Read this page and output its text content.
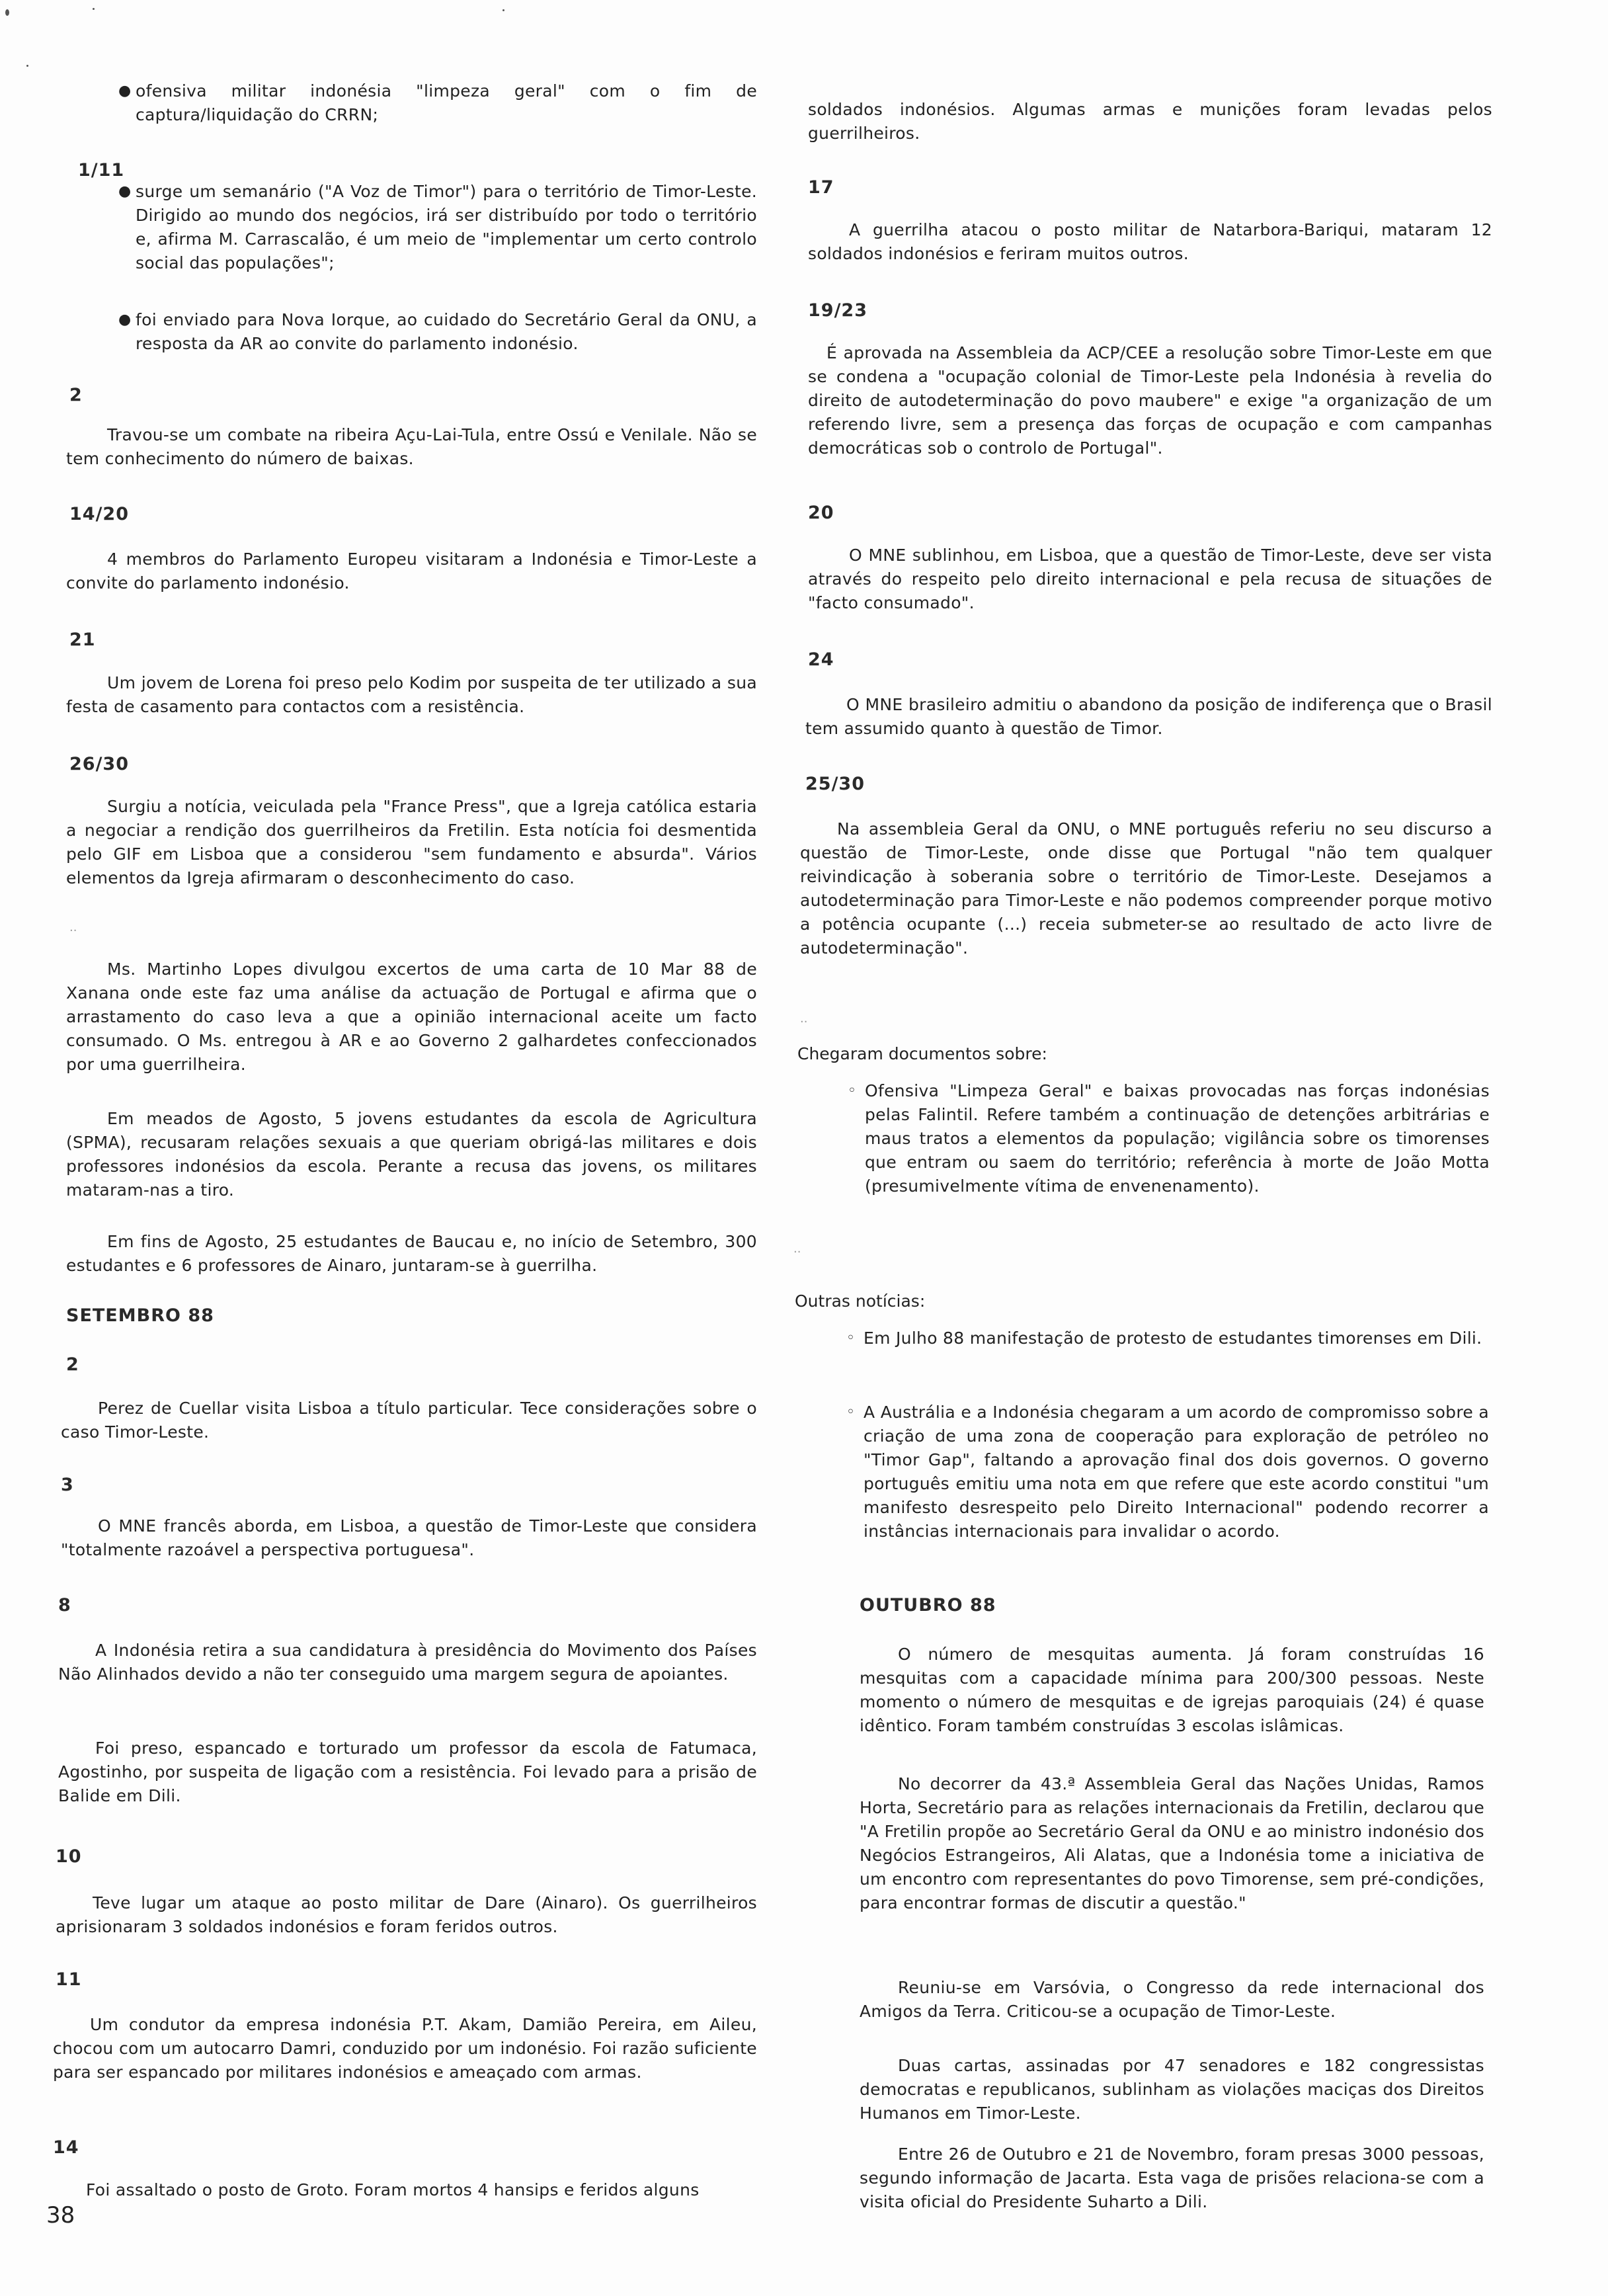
● ofensiva militar indonésia "limpeza geral" com o fim de captura/liquidação do CRRN;
1/11
● surge um semanário ("A Voz de Timor") para o território de Timor-Leste. Dirigido ao mundo dos negócios, irá ser distribuído por todo o território e, afirma M. Carrascalão, é um meio de "implementar um certo controlo social das populações";
● foi enviado para Nova Iorque, ao cuidado do Secretário Geral da ONU, a resposta da AR ao convite do parlamento indonésio.
2
Travou-se um combate na ribeira Açu-Lai-Tula, entre Ossú e Venilale. Não se tem conhecimento do número de baixas.
14/20
4 membros do Parlamento Europeu visitaram a Indonésia e Timor-Leste a convite do parlamento indonésio.
21
Um jovem de Lorena foi preso pelo Kodim por suspeita de ter utilizado a sua festa de casamento para contactos com a resistência.
26/30
Surgiu a notícia, veiculada pela "France Press", que a Igreja católica estaria a negociar a rendição dos guerrilheiros da Fretilin. Esta notícia foi desmentida pelo GIF em Lisboa que a considerou "sem fundamento e absurda". Vários elementos da Igreja afirmaram o desconhecimento do caso.
..
Ms. Martinho Lopes divulgou excertos de uma carta de 10 Mar 88 de Xanana onde este faz uma análise da actuação de Portugal e afirma que o arrastamento do caso leva a que a opinião internacional aceite um facto consumado. O Ms. entregou à AR e ao Governo 2 galhardetes confeccionados por uma guerrilheira.
Em meados de Agosto, 5 jovens estudantes da escola de Agricultura (SPMA), recusaram relações sexuais a que queriam obrigá-las militares e dois professores indonésios da escola. Perante a recusa das jovens, os militares mataram-nas a tiro.
Em fins de Agosto, 25 estudantes de Baucau e, no início de Setembro, 300 estudantes e 6 professores de Ainaro, juntaram-se à guerrilha.
SETEMBRO 88
2
Perez de Cuellar visita Lisboa a título particular. Tece considerações sobre o caso Timor-Leste.
3
O MNE francês aborda, em Lisboa, a questão de Timor-Leste que considera "totalmente razoável a perspectiva portuguesa".
8
A Indonésia retira a sua candidatura à presidência do Movimento dos Países Não Alinhados devido a não ter conseguido uma margem segura de apoiantes.
Foi preso, espancado e torturado um professor da escola de Fatumaca, Agostinho, por suspeita de ligação com a resistência. Foi levado para a prisão de Balide em Dili.
10
Teve lugar um ataque ao posto militar de Dare (Ainaro). Os guerrilheiros aprisionaram 3 soldados indonésios e foram feridos outros.
11
Um condutor da empresa indonésia P.T. Akam, Damião Pereira, em Aileu, chocou com um autocarro Damri, conduzido por um indonésio. Foi razão suficiente para ser espancado por militares indonésios e ameaçado com armas.
14
Foi assaltado o posto de Groto. Foram mortos 4 hansips e feridos alguns
38
soldados indonésios. Algumas armas e munições foram levadas pelos guerrilheiros.
17
A guerrilha atacou o posto militar de Natarbora-Bariqui, mataram 12 soldados indonésios e feriram muitos outros.
19/23
É aprovada na Assembleia da ACP/CEE a resolução sobre Timor-Leste em que se condena a "ocupação colonial de Timor-Leste pela Indonésia à revelia do direito de autodeterminação do povo maubere" e exige "a organização de um referendo livre, sem a presença das forças de ocupação e com campanhas democráticas sob o controlo de Portugal".
20
O MNE sublinhou, em Lisboa, que a questão de Timor-Leste, deve ser vista através do respeito pelo direito internacional e pela recusa de situações de "facto consumado".
24
O MNE brasileiro admitiu o abandono da posição de indiferença que o Brasil tem assumido quanto à questão de Timor.
25/30
Na assembleia Geral da ONU, o MNE português referiu no seu discurso a questão de Timor-Leste, onde disse que Portugal "não tem qualquer reivindicação à soberania sobre o território de Timor-Leste. Desejamos a autodeterminação para Timor-Leste e não podemos compreender porque motivo a potência ocupante (...) receia submeter-se ao resultado de acto livre de autodeterminação".
..
Chegaram documentos sobre:
◦ Ofensiva "Limpeza Geral" e baixas provocadas nas forças indonésias pelas Falintil. Refere também a continuação de detenções arbitrárias e maus tratos a elementos da população; vigilância sobre os timorenses que entram ou saem do território; referência à morte de João Motta (presumivelmente vítima de envenenamento).
..
Outras notícias:
◦ Em Julho 88 manifestação de protesto de estudantes timorenses em Dili.
◦ A Austrália e a Indonésia chegaram a um acordo de compromisso sobre a criação de uma zona de cooperação para exploração de petróleo no "Timor Gap", faltando a aprovação final dos dois governos. O governo português emitiu uma nota em que refere que este acordo constitui "um manifesto desrespeito pelo Direito Internacional" podendo recorrer a instâncias internacionais para invalidar o acordo.
OUTUBRO 88
O número de mesquitas aumenta. Já foram construídas 16 mesquitas com a capacidade mínima para 200/300 pessoas. Neste momento o número de mesquitas e de igrejas paroquiais (24) é quase idêntico. Foram também construídas 3 escolas islâmicas.
No decorrer da 43.ª Assembleia Geral das Nações Unidas, Ramos Horta, Secretário para as relações internacionais da Fretilin, declarou que "A Fretilin propõe ao Secretário Geral da ONU e ao ministro indonésio dos Negócios Estrangeiros, Ali Alatas, que a Indonésia tome a iniciativa de um encontro com representantes do povo Timorense, sem pré-condições, para encontrar formas de discutir a questão."
Reuniu-se em Varsóvia, o Congresso da rede internacional dos Amigos da Terra. Criticou-se a ocupação de Timor-Leste.
Duas cartas, assinadas por 47 senadores e 182 congressistas democratas e republicanos, sublinham as violações maciças dos Direitos Humanos em Timor-Leste.
Entre 26 de Outubro e 21 de Novembro, foram presas 3000 pessoas, segundo informação de Jacarta. Esta vaga de prisões relaciona-se com a visita oficial do Presidente Suharto a Dili.
